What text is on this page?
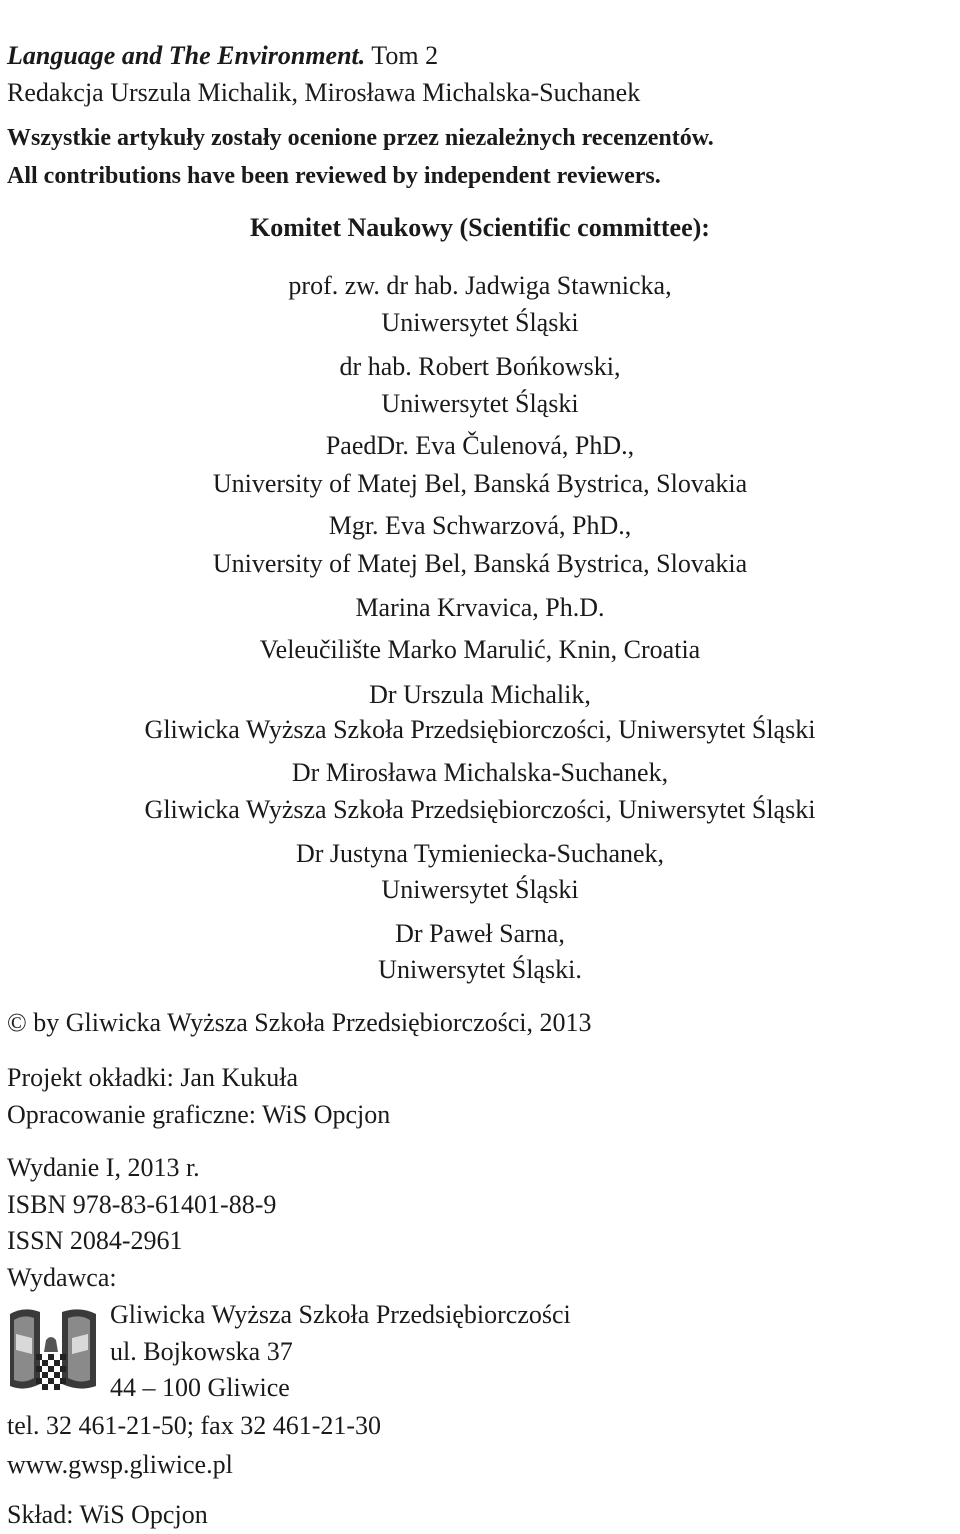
Language and The Environment. Tom 2
Redakcja Urszula Michalik, Mirosława Michalska-Suchanek
Wszystkie artykuły zostały ocenione przez niezależnych recenzentów.
All contributions have been reviewed by independent reviewers.
Komitet Naukowy (Scientific committee):
prof. zw. dr hab. Jadwiga Stawnicka,
Uniwersytet Śląski
dr hab. Robert Bońkowski,
Uniwersytet Śląski
PaedDr. Eva Čulenová, PhD.,
University of Matej Bel, Banská Bystrica, Slovakia
Mgr. Eva Schwarzová, PhD.,
University of Matej Bel, Banská Bystrica, Slovakia
Marina Krvavica, Ph.D.
Veleučilište Marko Marulić, Knin, Croatia
Dr Urszula Michalik,
Gliwicka Wyższa Szkoła Przedsiębiorczości, Uniwersytet Śląski
Dr Mirosława Michalska-Suchanek,
Gliwicka Wyższa Szkoła Przedsiębiorczości, Uniwersytet Śląski
Dr Justyna Tymieniecka-Suchanek,
Uniwersytet Śląski
Dr Paweł Sarna,
Uniwersytet Śląski.
© by Gliwicka Wyższa Szkoła Przedsiębiorczości, 2013
Projekt okładki: Jan Kukuła
Opracowanie graficzne: WiS Opcjon
Wydanie I, 2013 r.
ISBN 978-83-61401-88-9
ISSN 2084-2961
Wydawca:
Gliwicka Wyższa Szkoła Przedsiębiorczości
ul. Bojkowska 37
44 – 100 Gliwice
tel. 32 461-21-50; fax 32 461-21-30
www.gwsp.gliwice.pl
Skład: WiS Opcjon
